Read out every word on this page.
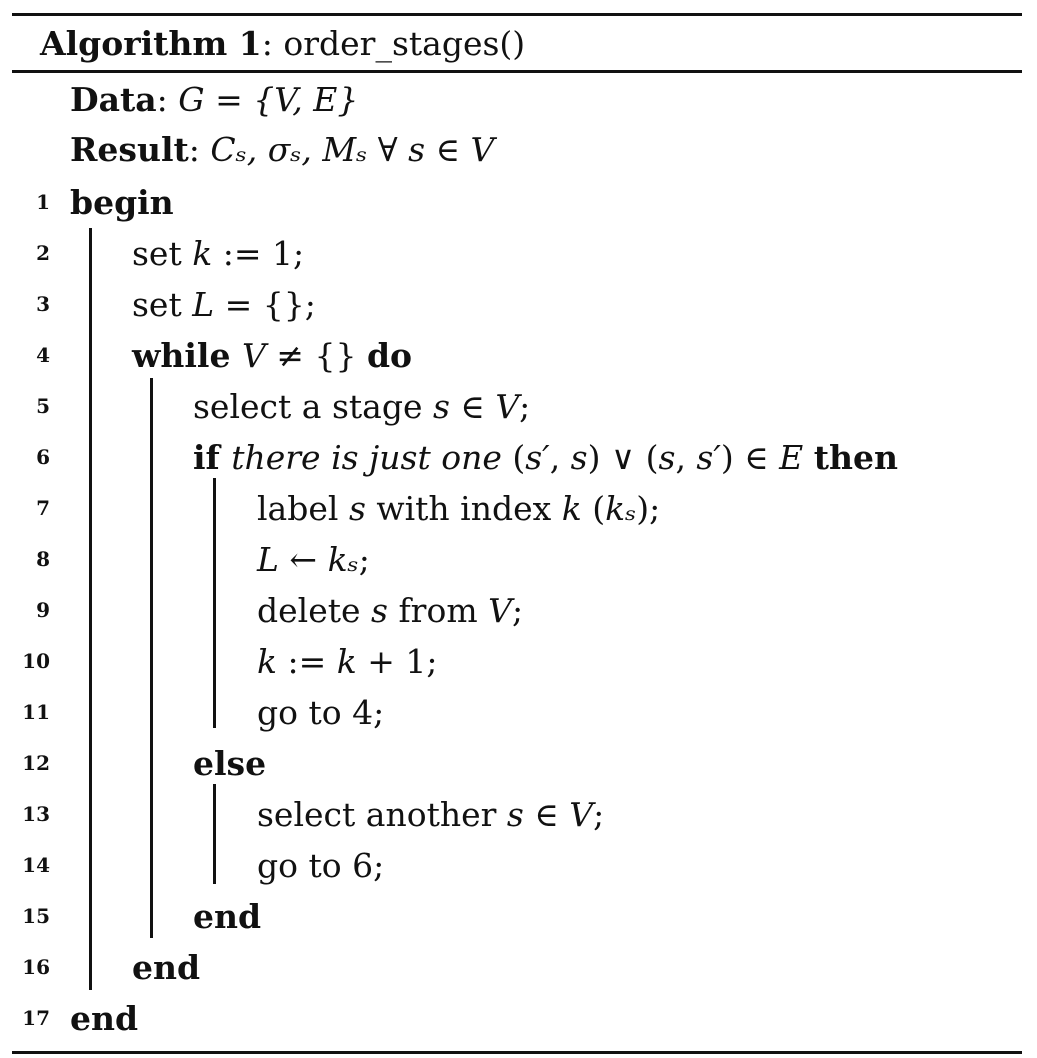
Algorithm 1: order_stages()
Data: G = {V, E}
Result: Cₛ, σₛ, Mₛ ∀ s ∈ V
1 begin
2 set k := 1;
3 set L = {};
4 while V ≠ {} do
5	select a stage s ∈ V;
6	if there is just one (s′, s) ∨ (s, s′) ∈ E then
7	label s with index k (kₛ);
8	L ← kₛ;
9	delete s from V;
10	k := k + 1;
11	go to 4;
12	else
13	select another s ∈ V;
14	go to 6;
15	end
16 end
17 end
